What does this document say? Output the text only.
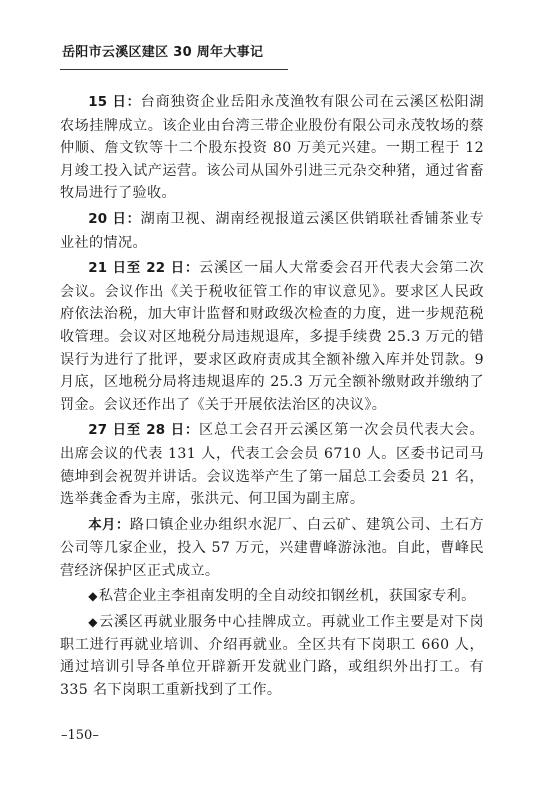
岳阳市云溪区建区 30 周年大事记

15 日：台商独资企业岳阳永茂渔牧有限公司在云溪区松阳湖农场挂牌成立。该企业由台湾三带企业股份有限公司永茂牧场的蔡仲顺、詹文钦等十二个股东投资 80 万美元兴建。一期工程于 12 月竣工投入试产运营。该公司从国外引进三元杂交种猪，通过省畜牧局进行了验收。

20 日：湖南卫视、湖南经视报道云溪区供销联社香铺茶业专业社的情况。

21 日至 22 日：云溪区一届人大常委会召开代表大会第二次会议。会议作出《关于税收征管工作的审议意见》。要求区人民政府依法治税，加大审计监督和财政级次检查的力度，进一步规范税收管理。会议对区地税分局违规退库，多提手续费 25.3 万元的错误行为进行了批评，要求区政府责成其全额补缴入库并处罚款。9 月底，区地税分局将违规退库的 25.3 万元全额补缴财政并缴纳了罚金。会议还作出了《关于开展依法治区的决议》。

27 日至 28 日：区总工会召开云溪区第一次会员代表大会。出席会议的代表 131 人，代表工会会员 6710 人。区委书记司马德坤到会祝贺并讲话。会议选举产生了第一届总工会委员 21 名，选举龚金香为主席，张洪元、何卫国为副主席。

本月：路口镇企业办组织水泥厂、白云矿、建筑公司、土石方公司等几家企业，投入 57 万元，兴建曹峰游泳池。自此，曹峰民营经济保护区正式成立。

◆私营企业主李祖南发明的全自动绞扣钢丝机，获国家专利。

◆云溪区再就业服务中心挂牌成立。再就业工作主要是对下岗职工进行再就业培训、介绍再就业。全区共有下岗职工 660 人，通过培训引导各单位开辟新开发就业门路，或组织外出打工。有 335 名下岗职工重新找到了工作。

–150–
